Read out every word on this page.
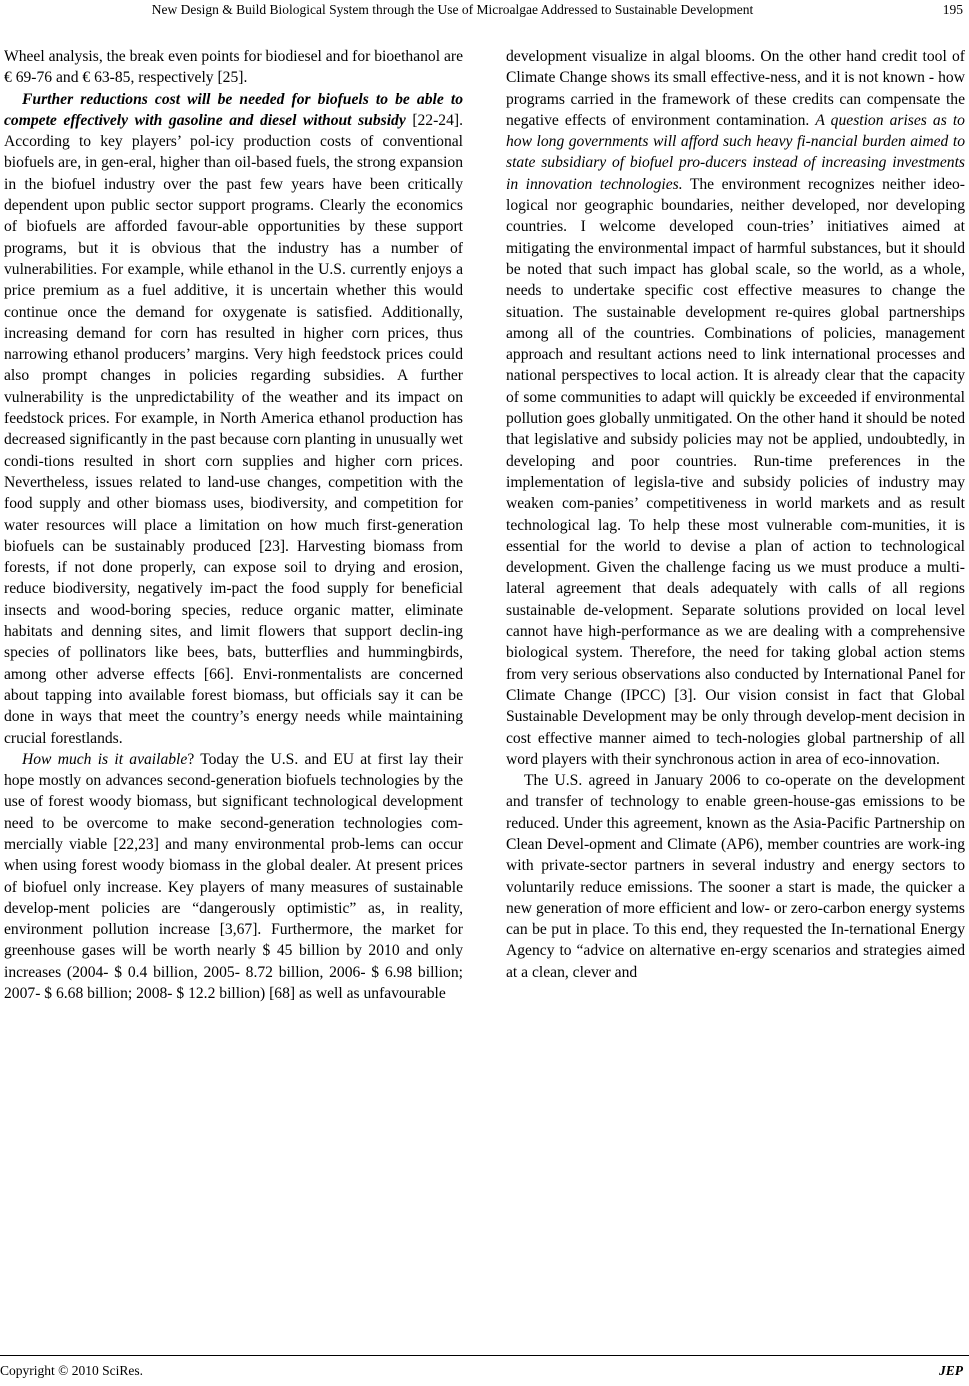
New Design & Build Biological System through the Use of Microalgae Addressed to Sustainable Development	195

Wheel analysis, the break even points for biodiesel and for bioethanol are € 69-76 and € 63-85, respectively [25].

Further reductions cost will be needed for biofuels to be able to compete effectively with gasoline and diesel without subsidy [22-24]. According to key players’ pol-icy production costs of conventional biofuels are, in gen-eral, higher than oil-based fuels, the strong expansion in the biofuel industry over the past few years have been critically dependent upon public sector support programs. Clearly the economics of biofuels are afforded favour-able opportunities by these support programs, but it is obvious that the industry has a number of vulnerabilities. For example, while ethanol in the U.S. currently enjoys a price premium as a fuel additive, it is uncertain whether this would continue once the demand for oxygenate is satisfied. Additionally, increasing demand for corn has resulted in higher corn prices, thus narrowing ethanol producers’ margins. Very high feedstock prices could also prompt changes in policies regarding subsidies. A further vulnerability is the unpredictability of the weather and its impact on feedstock prices. For example, in North America ethanol production has decreased significantly in the past because corn planting in unusually wet condi-tions resulted in short corn supplies and higher corn prices. Nevertheless, issues related to land-use changes, competition with the food supply and other biomass uses, biodiversity, and competition for water resources will place a limitation on how much first-generation biofuels can be sustainably produced [23]. Harvesting biomass from forests, if not done properly, can expose soil to drying and erosion, reduce biodiversity, negatively im-pact the food supply for beneficial insects and wood-boring species, reduce organic matter, eliminate habitats and denning sites, and limit flowers that support declin-ing species of pollinators like bees, bats, butterflies and hummingbirds, among other adverse effects [66]. Envi-ronmentalists are concerned about tapping into available forest biomass, but officials say it can be done in ways that meet the country’s energy needs while maintaining crucial forestlands.

How much is it available? Today the U.S. and EU at first lay their hope mostly on advances second-generation biofuels technologies by the use of forest woody biomass, but significant technological development need to be overcome to make second-generation technologies com-mercially viable [22,23] and many environmental prob-lems can occur when using forest woody biomass in the global dealer. At present prices of biofuel only increase. Key players of many measures of sustainable develop-ment policies are “dangerously optimistic” as, in reality, environment pollution increase [3,67]. Furthermore, the market for greenhouse gases will be worth nearly $ 45 billion by 2010 and only increases (2004- $ 0.4 billion, 2005- 8.72 billion, 2006- $ 6.98 billion; 2007- $ 6.68 billion; 2008- $ 12.2 billion) [68] as well as unfavourable

development visualize in algal blooms. On the other hand credit tool of Climate Change shows its small effective-ness, and it is not known - how programs carried in the framework of these credits can compensate the negative effects of environment contamination. A question arises as to how long governments will afford such heavy fi-nancial burden aimed to state subsidiary of biofuel pro-ducers instead of increasing investments in innovation technologies. The environment recognizes neither ideo-logical nor geographic boundaries, neither developed, nor developing countries. I welcome developed coun-tries’ initiatives aimed at mitigating the environmental impact of harmful substances, but it should be noted that such impact has global scale, so the world, as a whole, needs to undertake specific cost effective measures to change the situation. The sustainable development re-quires global partnerships among all of the countries. Combinations of policies, management approach and resultant actions need to link international processes and national perspectives to local action. It is already clear that the capacity of some communities to adapt will quickly be exceeded if environmental pollution goes globally unmitigated. On the other hand it should be noted that legislative and subsidy policies may not be applied, undoubtedly, in developing and poor countries. Run-time preferences in the implementation of legisla-tive and subsidy policies of industry may weaken com-panies’ competitiveness in world markets and as result technological lag. To help these most vulnerable com-munities, it is essential for the world to devise a plan of action to technological development. Given the challenge facing us we must produce a multi-lateral agreement that deals adequately with calls of all regions sustainable de-velopment. Separate solutions provided on local level cannot have high-performance as we are dealing with a comprehensive biological system. Therefore, the need for taking global action stems from very serious observations also conducted by International Panel for Climate Change (IPCC) [3]. Our vision consist in fact that Global Sustainable Development may be only through develop-ment decision in cost effective manner aimed to tech-nologies global partnership of all word players with their synchronous action in area of eco-innovation.

The U.S. agreed in January 2006 to co-operate on the development and transfer of technology to enable green-house-gas emissions to be reduced. Under this agreement, known as the Asia-Pacific Partnership on Clean Devel-opment and Climate (AP6), member countries are work-ing with private-sector partners in several industry and energy sectors to voluntarily reduce emissions. The sooner a start is made, the quicker a new generation of more efficient and low- or zero-carbon energy systems can be put in place. To this end, they requested the In-ternational Energy Agency to “advice on alternative en-ergy scenarios and strategies aimed at a clean, clever and

Copyright © 2010 SciRes.	JEP
